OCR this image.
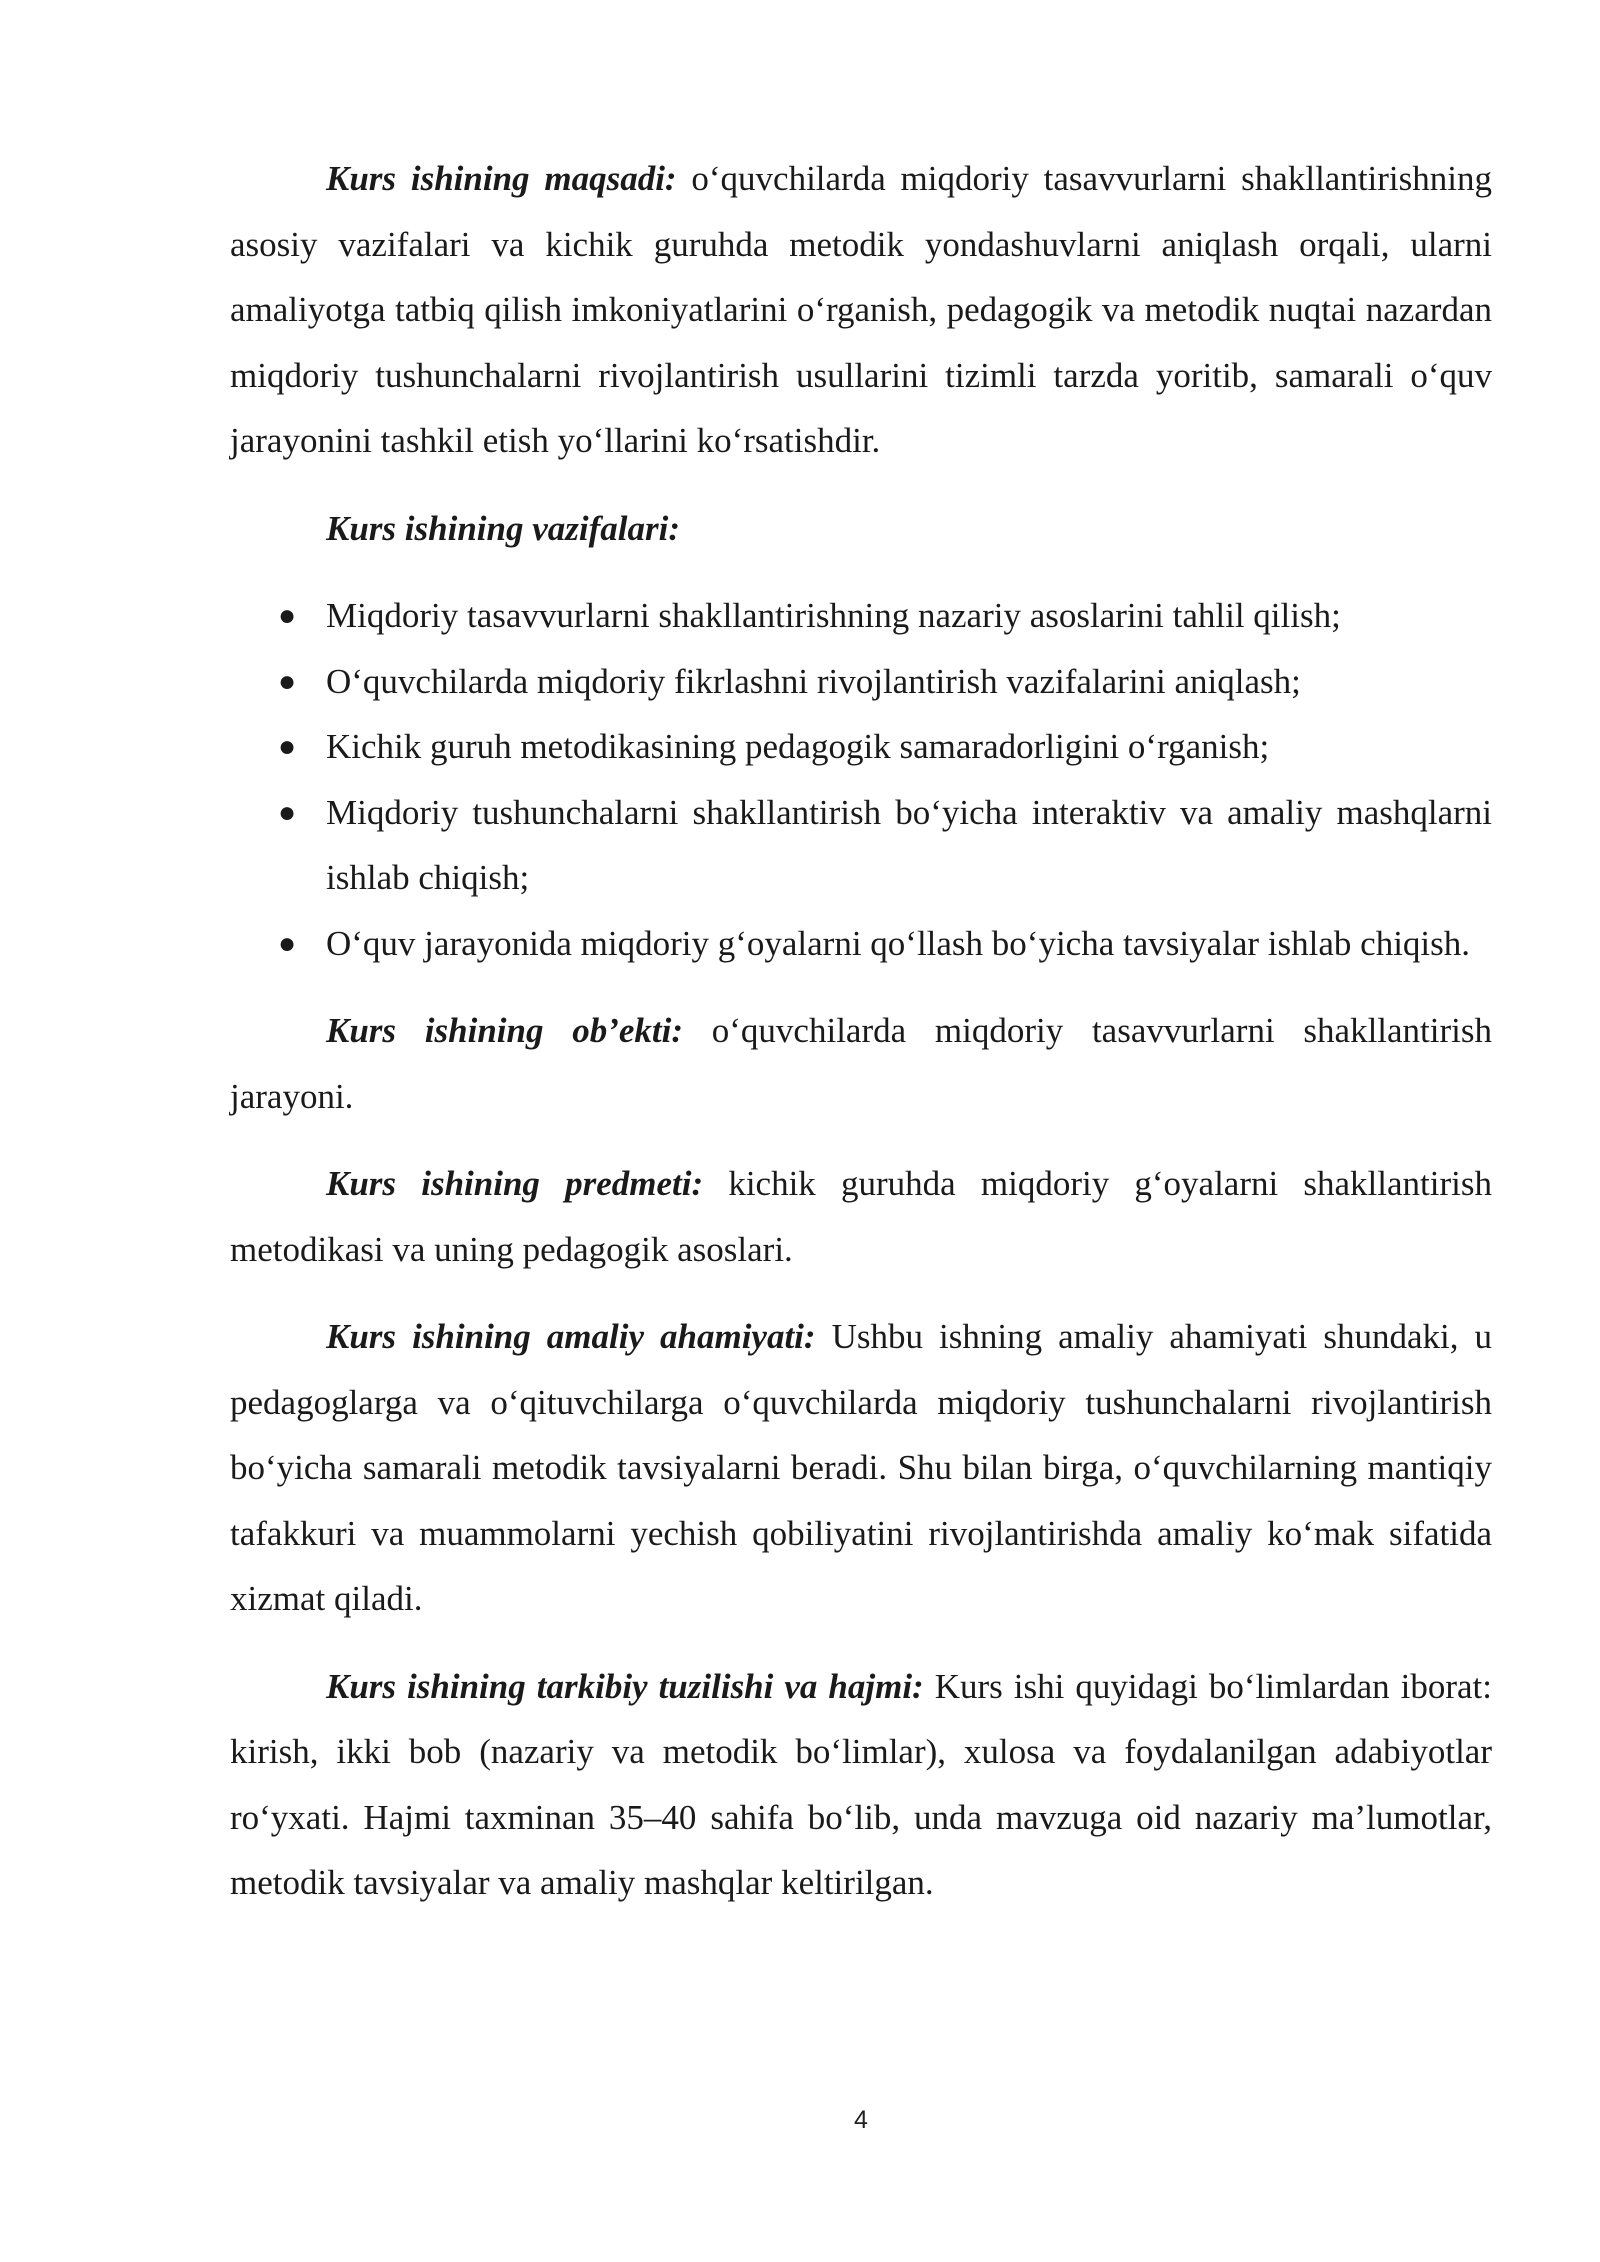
Kurs ishining maqsadi: o‘quvchilarda miqdoriy tasavvurlarni shakllantirishning asosiy vazifalari va kichik guruhda metodik yondashuvlarni aniqlash orqali, ularni amaliyotga tatbiq qilish imkoniyatlarini o‘rganish, pedagogik va metodik nuqtai nazardan miqdoriy tushunchalarni rivojlantirish usullarini tizimli tarzda yoritib, samarali o‘quv jarayonini tashkil etish yo‘llarini ko‘rsatishdir.

Kurs ishining vazifalari:

● Miqdoriy tasavvurlarni shakllantirishning nazariy asoslarini tahlil qilish;
● O‘quvchilarda miqdoriy fikrlashni rivojlantirish vazifalarini aniqlash;
● Kichik guruh metodikasining pedagogik samaradorligini o‘rganish;
● Miqdoriy tushunchalarni shakllantirish bo‘yicha interaktiv va amaliy mashqlarni ishlab chiqish;
● O‘quv jarayonida miqdoriy g‘oyalarni qo‘llash bo‘yicha tavsiyalar ishlab chiqish.

Kurs ishining ob’ekti: o‘quvchilarda miqdoriy tasavvurlarni shakllantirish jarayoni.

Kurs ishining predmeti: kichik guruhda miqdoriy g‘oyalarni shakllantirish metodikasi va uning pedagogik asoslari.

Kurs ishining amaliy ahamiyati: Ushbu ishning amaliy ahamiyati shundaki, u pedagoglarga va o‘qituvchilarga o‘quvchilarda miqdoriy tushunchalarni rivojlantirish bo‘yicha samarali metodik tavsiyalarni beradi. Shu bilan birga, o‘quvchilarning mantiqiy tafakkuri va muammolarni yechish qobiliyatini rivojlantirishda amaliy ko‘mak sifatida xizmat qiladi.

Kurs ishining tarkibiy tuzilishi va hajmi: Kurs ishi quyidagi bo‘limlardan iborat: kirish, ikki bob (nazariy va metodik bo‘limlar), xulosa va foydalanilgan adabiyotlar ro‘yxati. Hajmi taxminan 35–40 sahifa bo‘lib, unda mavzuga oid nazariy ma’lumotlar, metodik tavsiyalar va amaliy mashqlar keltirilgan.

4
